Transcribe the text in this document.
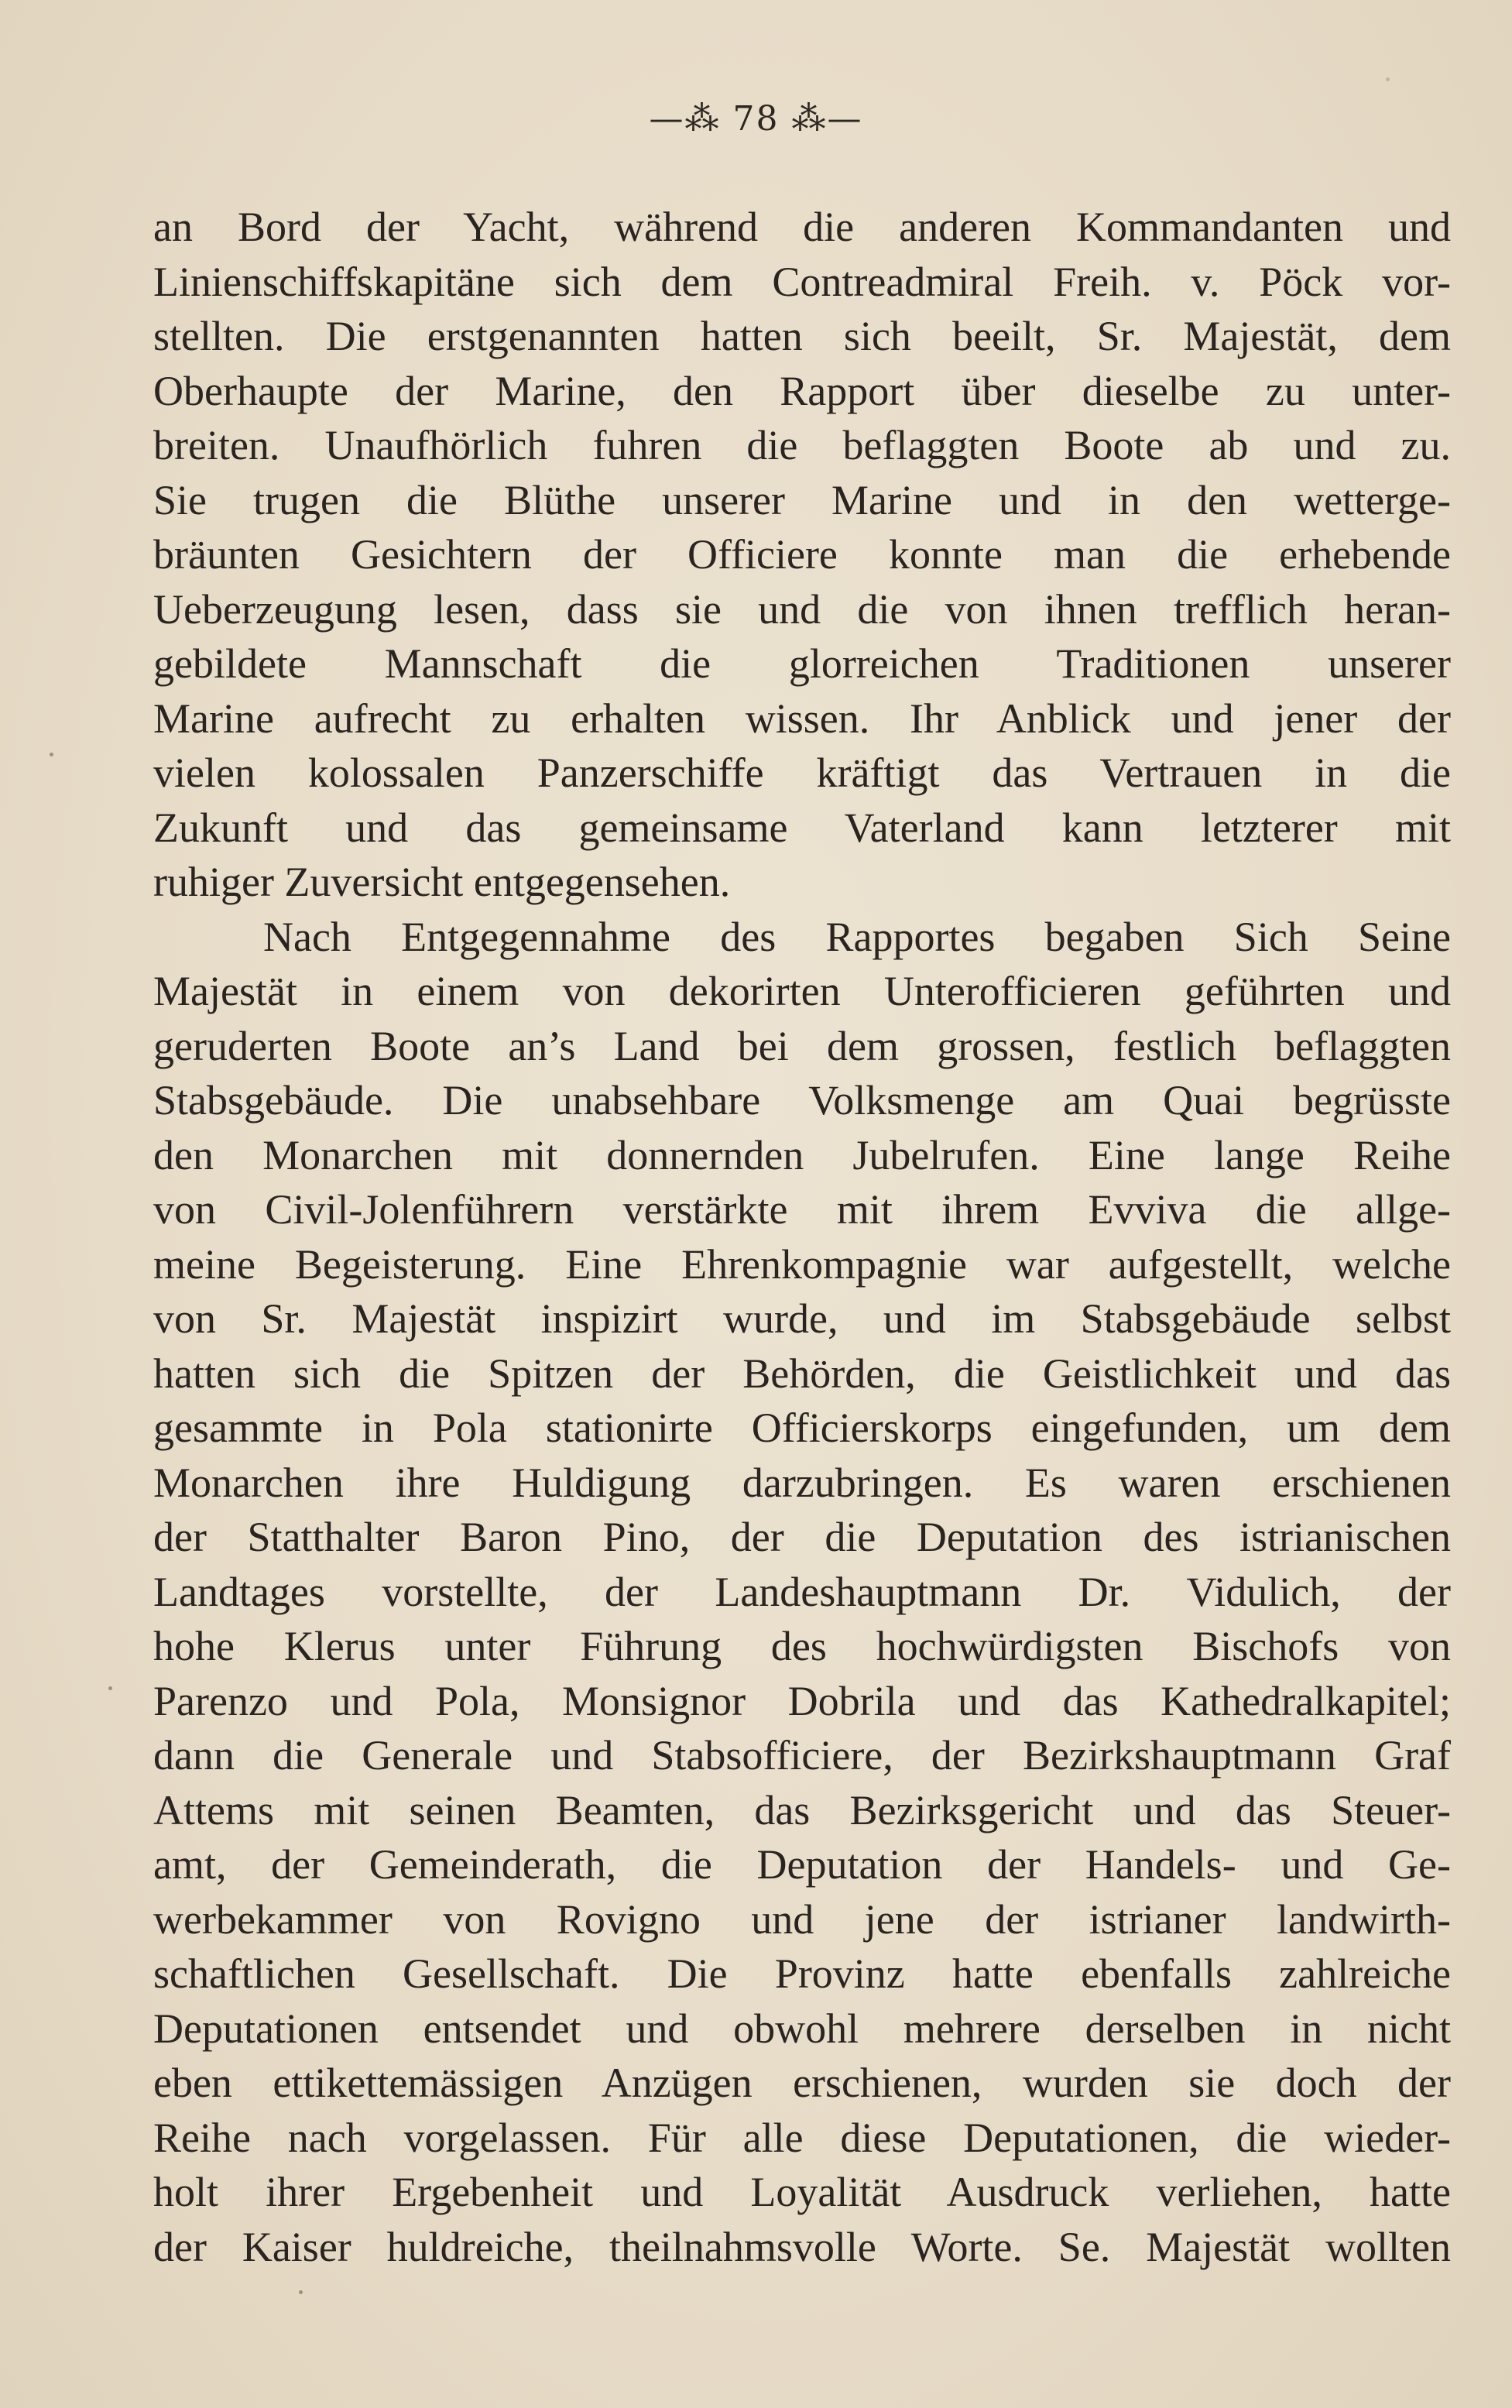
—⁂ 78 ⁂—
an Bord der Yacht, während die anderen Kommandanten und
Linienschiffskapitäne sich dem Contreadmiral Freih. v. Pöck vor-
stellten. Die erstgenannten hatten sich beeilt, Sr. Majestät, dem
Oberhaupte der Marine, den Rapport über dieselbe zu unter-
breiten. Unaufhörlich fuhren die beflaggten Boote ab und zu.
Sie trugen die Blüthe unserer Marine und in den wetterge-
bräunten Gesichtern der Officiere konnte man die erhebende
Ueberzeugung lesen, dass sie und die von ihnen trefflich heran-
gebildete Mannschaft die glorreichen Traditionen unserer
Marine aufrecht zu erhalten wissen. Ihr Anblick und jener der
vielen kolossalen Panzerschiffe kräftigt das Vertrauen in die
Zukunft und das gemeinsame Vaterland kann letzterer mit
ruhiger Zuversicht entgegensehen.
Nach Entgegennahme des Rapportes begaben Sich Seine
Majestät in einem von dekorirten Unterofficieren geführten und
geruderten Boote an’s Land bei dem grossen, festlich beflaggten
Stabsgebäude. Die unabsehbare Volksmenge am Quai begrüsste
den Monarchen mit donnernden Jubelrufen. Eine lange Reihe
von Civil-Jolenführern verstärkte mit ihrem Evviva die allge-
meine Begeisterung. Eine Ehrenkompagnie war aufgestellt, welche
von Sr. Majestät inspizirt wurde, und im Stabsgebäude selbst
hatten sich die Spitzen der Behörden, die Geistlichkeit und das
gesammte in Pola stationirte Officierskorps eingefunden, um dem
Monarchen ihre Huldigung darzubringen. Es waren erschienen
der Statthalter Baron Pino, der die Deputation des istrianischen
Landtages vorstellte, der Landeshauptmann Dr. Vidulich, der
hohe Klerus unter Führung des hochwürdigsten Bischofs von
Parenzo und Pola, Monsignor Dobrila und das Kathedralkapitel;
dann die Generale und Stabsofficiere, der Bezirkshauptmann Graf
Attems mit seinen Beamten, das Bezirksgericht und das Steuer-
amt, der Gemeinderath, die Deputation der Handels- und Ge-
werbekammer von Rovigno und jene der istrianer landwirth-
schaftlichen Gesellschaft. Die Provinz hatte ebenfalls zahlreiche
Deputationen entsendet und obwohl mehrere derselben in nicht
eben ettikettemässigen Anzügen erschienen, wurden sie doch der
Reihe nach vorgelassen. Für alle diese Deputationen, die wieder-
holt ihrer Ergebenheit und Loyalität Ausdruck verliehen, hatte
der Kaiser huldreiche, theilnahmsvolle Worte. Se. Majestät wollten
